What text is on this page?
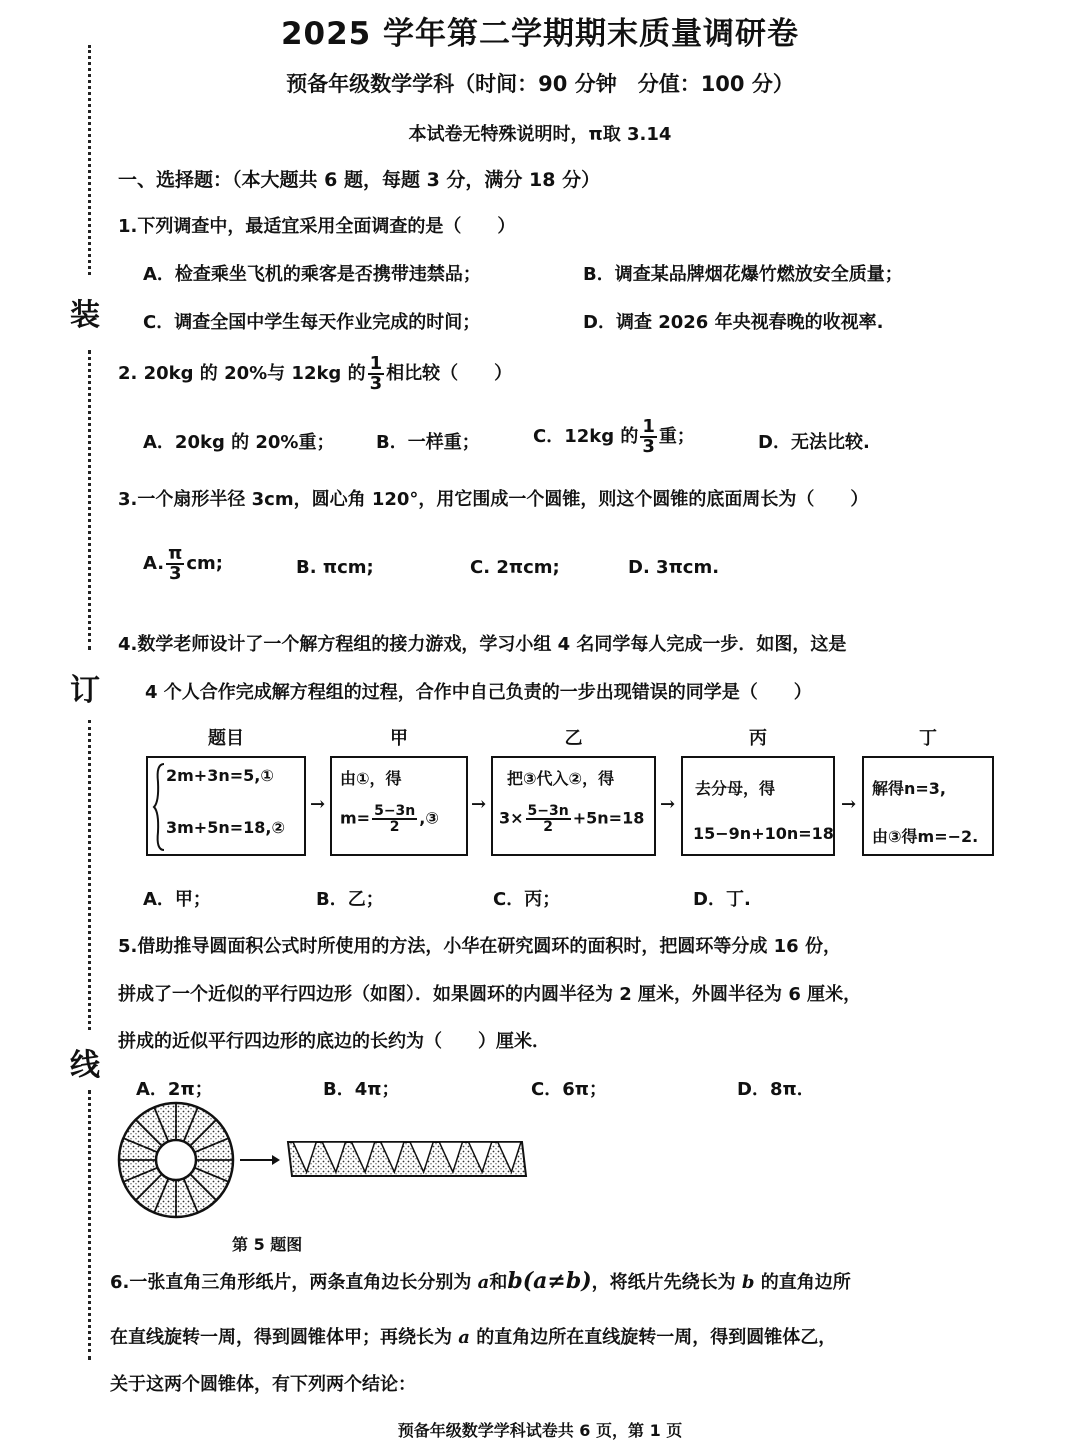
装
订
线
2025 学年第二学期期末质量调研卷
预备年级数学学科（时间：90 分钟　分值：100 分）
本试卷无特殊说明时，π取 3.14
一、选择题：（本大题共 6 题，每题 3 分，满分 18 分）
1.下列调查中，最适宜采用全面调查的是（　　）
A．检查乘坐飞机的乘客是否携带违禁品；	B．调查某品牌烟花爆竹燃放安全质量；
C．调查全国中学生每天作业完成的时间；	D．调查 2026 年央视春晚的收视率.
2. 20kg 的 20%与 12kg 的 $\frac{1}{3}$ 相比较（　　）
A．20kg 的 20%重； B．一样重；	C．12kg 的 $\frac{1}{3}$ 重；	D．无法比较.
3.一个扇形半径 3cm，圆心角 120°，用它围成一个圆锥，则这个圆锥的底面周长为（　　）
A. $\frac{\pi}{3}$ cm;	B. πcm;	C. 2πcm;	D. 3πcm.
4.数学老师设计了一个解方程组的接力游戏，学习小组 4 名同学每人完成一步．如图，这是
4 个人合作完成解方程组的过程，合作中自己负责的一步出现错误的同学是（　　）
题目	甲	乙	丙	丁
2m+3n=5,①
3m+5n=18,②
→
由①，得
$m= \frac{5-3n}{2}$ ,③
→
把③代入②，得
$3\times \frac{5-3n}{2} +5n=18$
→
去分母，得
15−9n+10n=18
→
解得n=3,
由③得m=−2.
A．甲；	B．乙；	C．丙；	D．丁.
5.借助推导圆面积公式时所使用的方法，小华在研究圆环的面积时，把圆环等分成 16 份，
拼成了一个近似的平行四边形（如图）．如果圆环的内圆半径为 2 厘米，外圆半径为 6 厘米，
拼成的近似平行四边形的底边的长约为（　　）厘米．
A．2π；	B．4π；	C．6π；	D．8π．
第 5 题图
6.一张直角三角形纸片，两条直角边长分别为 a和b(a≠b)，将纸片先绕长为 b 的直角边所
在直线旋转一周，得到圆锥体甲；再绕长为 a 的直角边所在直线旋转一周，得到圆锥体乙，
关于这两个圆锥体，有下列两个结论：
预备年级数学学科试卷共 6 页，第 1 页
